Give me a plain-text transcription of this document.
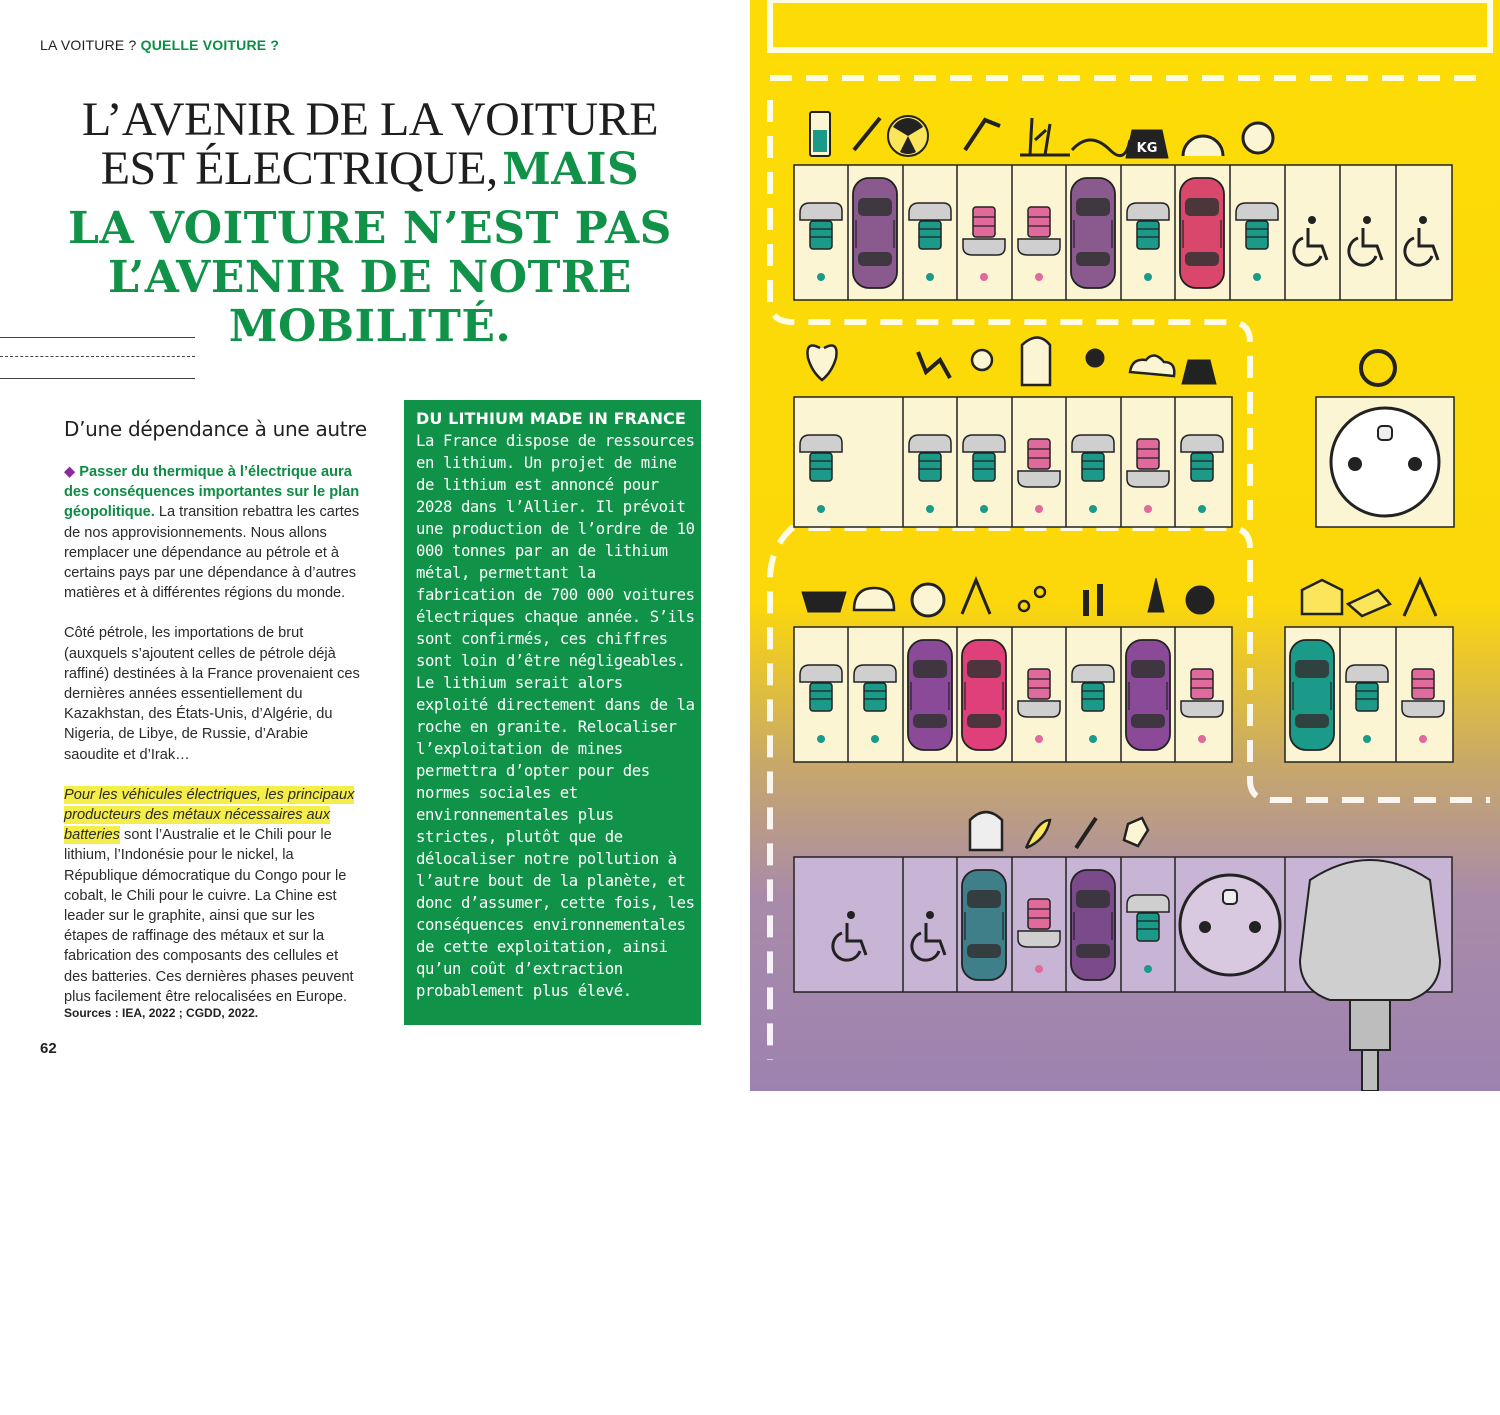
LA VOITURE ? QUELLE VOITURE ?
L’AVENIR DE LA VOITURE
EST ÉLECTRIQUE, MAIS
LA VOITURE N’EST PAS
L’AVENIR DE NOTRE
MOBILITÉ.
D’une dépendance à une autre

◆ Passer du thermique à l’électrique aura des conséquences importantes sur le plan géopolitique. La transition rebattra les cartes de nos approvisionnements. Nous allons remplacer une dépendance au pétrole et à certains pays par une dépendance à d’autres matières et à différentes régions du monde.

Côté pétrole, les importations de brut (auxquels s’ajoutent celles de pétrole déjà raffiné) destinées à la France provenaient ces dernières années essentiellement du Kazakhstan, des États-Unis, d’Algérie, du Nigeria, de Libye, de Russie, d’Arabie saoudite et d’Irak…

Pour les véhicules électriques, les principaux producteurs des métaux nécessaires aux batteries sont l’Australie et le Chili pour le lithium, l’Indonésie pour le nickel, la République démocratique du Congo pour le cobalt, le Chili pour le cuivre. La Chine est leader sur le graphite, ainsi que sur les étapes de raffinage des métaux et sur la fabrication des composants des cellules et des batteries. Ces dernières phases peuvent plus facilement être relocalisées en Europe.

Sources : IEA, 2022 ; CGDD, 2022.
62
DU LITHIUM MADE IN FRANCE
La France dispose de ressources en lithium. Un projet de mine de lithium est annoncé pour 2028 dans l’Allier. Il prévoit une production de l’ordre de 10 000 tonnes par an de lithium métal, permettant la fabrication de 700 000 voitures électriques chaque année. S’ils sont confirmés, ces chiffres sont loin d’être négligeables. Le lithium serait alors exploité directement dans de la roche en granite. Relocaliser l’exploitation de mines permettra d’opter pour des normes sociales et environnementales plus strictes, plutôt que de délocaliser notre pollution à l’autre bout de la planète, et donc d’assumer, cette fois, les conséquences environnementales de cette exploitation, ainsi qu’un coût d’extraction probablement plus élevé.
Source : Imerys, 2022.
KG
